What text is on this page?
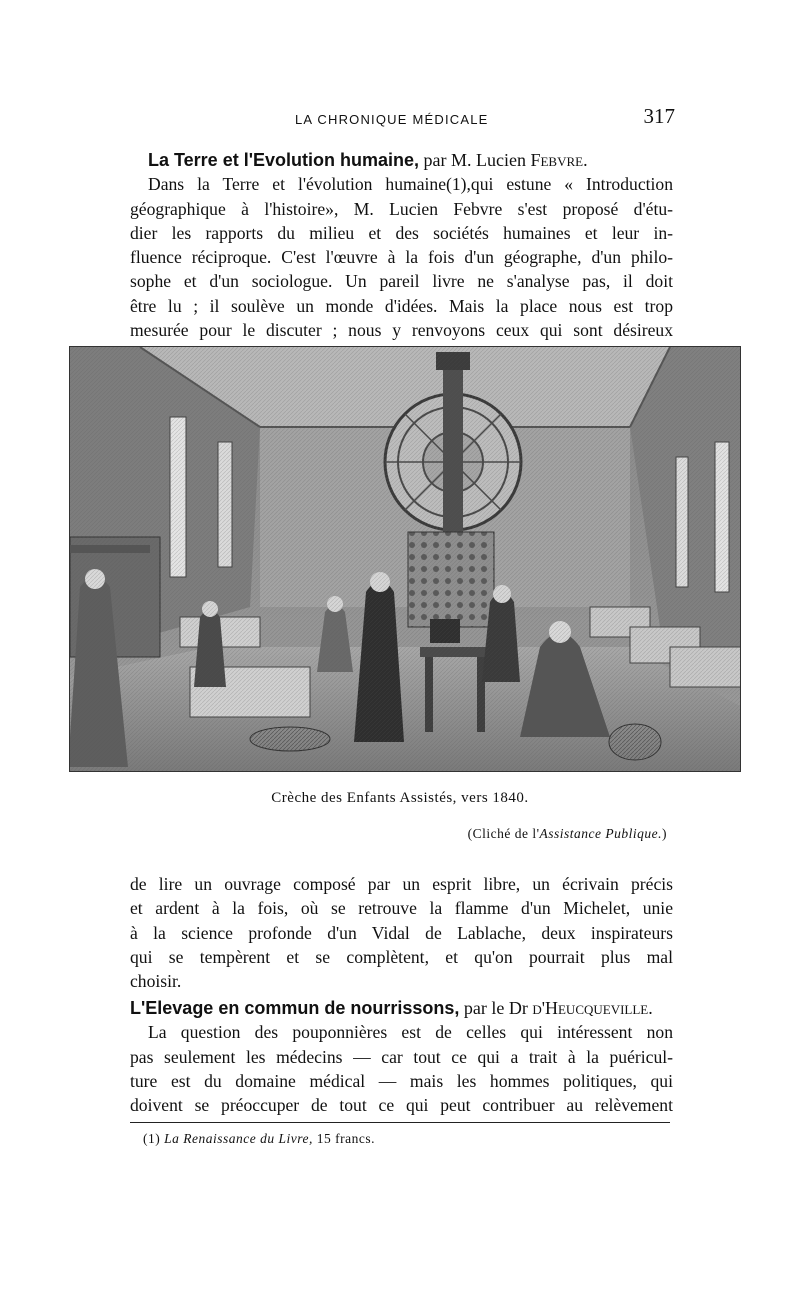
LA CHRONIQUE MÉDICALE	317
La Terre et l'Evolution humaine, par M. Lucien Febvre.
Dans la Terre et l'évolution humaine(1),qui estune « Introduction
géographique à l'histoire», M. Lucien Febvre s'est proposé d'étu-
dier les rapports du milieu et des sociétés humaines et leur in-
fluence réciproque. C'est l'œuvre à la fois d'un géographe, d'un philo-
sophe et d'un sociologue. Un pareil livre ne s'analyse pas, il doit
être lu ; il soulève un monde d'idées. Mais la place nous est trop
mesurée pour le discuter ; nous y renvoyons ceux qui sont désireux
Crèche des Enfants Assistés, vers 1840.
(Cliché de l'Assistance Publique.)
de lire un ouvrage composé par un esprit libre, un écrivain précis
et ardent à la fois, où se retrouve la flamme d'un Michelet, unie
à la science profonde d'un Vidal de Lablache, deux inspirateurs
qui se tempèrent et se complètent, et qu'on pourrait plus mal
choisir.
L'Elevage en commun de nourrissons, par le Dr d'Heucqueville.
La question des pouponnières est de celles qui intéressent non
pas seulement les médecins — car tout ce qui a trait à la puéricul-
ture est du domaine médical — mais les hommes politiques, qui
doivent se préoccuper de tout ce qui peut contribuer au relèvement
(1) La Renaissance du Livre, 15 francs.
